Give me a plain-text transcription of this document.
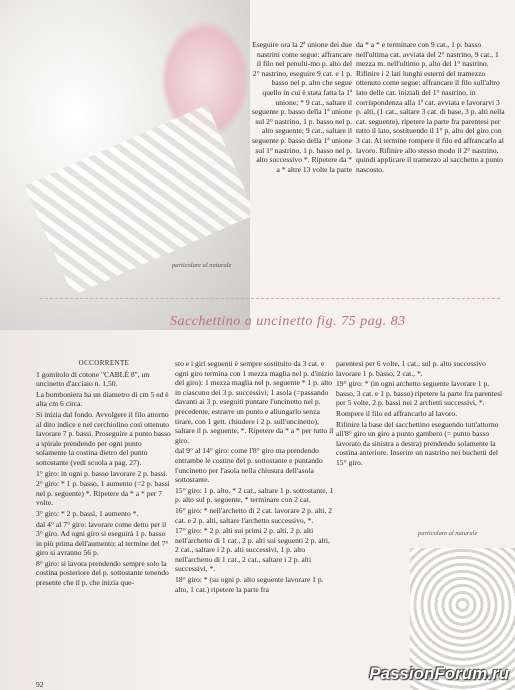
Eseguire ora la 2ª unione dei due nastrini come segue: affrancare il filo nel penulti-mo p. alto del 2° nastrino, eseguire 9 cat. e 1 p. basso nel p. alto che segue quello in cui è stata fatta la 1ª unione; * 9 cat., saltare il seguente p. basso della 1ª unione sul 2° nastrino, 1 p. basso nel p. alto seguente; 9 cat., saltare il seguente p. basso della 1ª unione sul 1° nastrino, 1 p. basso nel p. alto successivo *. Ripetere da * a * altre 13 volte la parte

da * a * e terminare con 9 cat., 1 p. basso nell'ultima cat. avviata del 2° nastrino, 9 cat., 1 mezza m. nell'ultimo p. alto del 1° nastrino. Rifinire i 2 lati lunghi esterni del tramezzo ottenuto come segue: affrancare il filo sull'altro lato delle cat. iniziali del 1° nastrino, in corrispondenza alla 1ª cat. avviata e lavorarvi 3 p. alti, (1 cat., saltare 3 cat. di base, 3 p. alti nella cat. seguente), ripetere la parte fra parentesi per tutto il lato, sostituendo il 1° p. alto del giro con 3 cat. Al termine rompere il filo ed affrancarlo al lavoro. Rifinire allo stesso modo il 2° nastrino, quindi applicare il tramezzo al sacchetto a punto nascosto.

particolare al naturale
Sacchettino a uncinetto fig. 75 pag. 83

OCCORRENTE

1 gomitolo di cotone "CABLÉ 8", un uncinetto d'acciaio n. 1,50.

La bomboniera ha un diametro di cm 5 ed è alta cm 6 circa.

Si inizia dal fondo. Avvolgere il filo attorno al dito indice e nel cerchiolino così ottenuto lavorare 7 p. bassi. Proseguire a punto basso a spirale prendendo per ogni punto solamente la costina dietro del punto sottostante (vedi scuola a pag. 27).

1° giro: in ogni p. basso lavorare 2 p. bassi.

2° giro: * 1 p. basso, 1 aumento (=2 p. bassi nel p. seguente) *. Ripetere da * a * per 7 volte.

3° giro: * 2 p. bassi, 1 aumento *.

dal 4° al 7° giro: lavorare come detto per il 3° giro. Ad ogni giro si eseguirà 1 p. basso in più prima dell'aumento; al termine del 7° giro si avranno 56 p.

8° giro: si lavora prendendo sempre solo la costina posteriore del p. sottostante tenendo presente che il p. che inizia que-

sto e i giri seguenti è sempre sostituito da 3 cat. e ogni giro termina con 1 mezza maglia nel p. d'inizio del giro): 1 mezza maglia nel p. seguente * 1 p. alto in ciascuno dei 3 p. successivi; 1 asola (=passando davanti ai 3 p. eseguiti puntare l'uncinetto nel p. precedente, estrarre un punto e allungarlo senza tirare, con 1 gett. chiudere i 2 p. sull'uncinetto), saltare il p. seguente, *. Ripetere da * a * per tutto il giro.

dal 9° al 14° giro: come l'8° giro ma prendendo entrambe le costine del p. sottostante e puntando l'uncinetto per l'asola nella chiusura dell'asola sottostante.

15° giro: 1 p. alto, * 2 cat., saltare 1 p. sottostante, 1 p. alto sul p. seguente, * terminare con 2 cat.

16° giro: * nell'archetto di 2 cat. lavorare 2 p. alti, 2 cat. e 2 p. alti, saltare l'archetto successivo, *.

17° giro: * 2 p. alti sui primi 2 p. alti, 2 p. alti nell'archetto di 1 cat., 2 p. alti sui seguenti 2 p. alti, 2 cat., saltare i 2 p. alti successivi, 1 p. alto nell'archetto di 1 cat., 2 cat., saltare i 2 p. alti successivi, *.

18° giro: * (su ogni p. alto seguente lavorare 1 p. alto, 1 cat.) ripetere la parte fra

parentesi per 6 volte, 1 cat., sul p. alto successivo lavorare 1 p. basso, 2 cat., *.

19° giro: * (in ogni archetto seguente lavorare 1 p. basso, 3 cat. e 1 p. basso) ripetere la parte fra parentesi per 5 volte, 2 p. bassi nei 2 archetti successivi, *.

Rompere il filo ed affrancarlo al lavoro.

Rifinire la base del sacchettino eseguendo tutt'attorno all'8° giro un giro a punto gambero (= punto basso lavorato da sinistra a destra) prendendo solamente la costina anteriore. Inserire un nastrino nei buchetti del 15° giro.

particolare al naturale
92
PassionForum.ru
